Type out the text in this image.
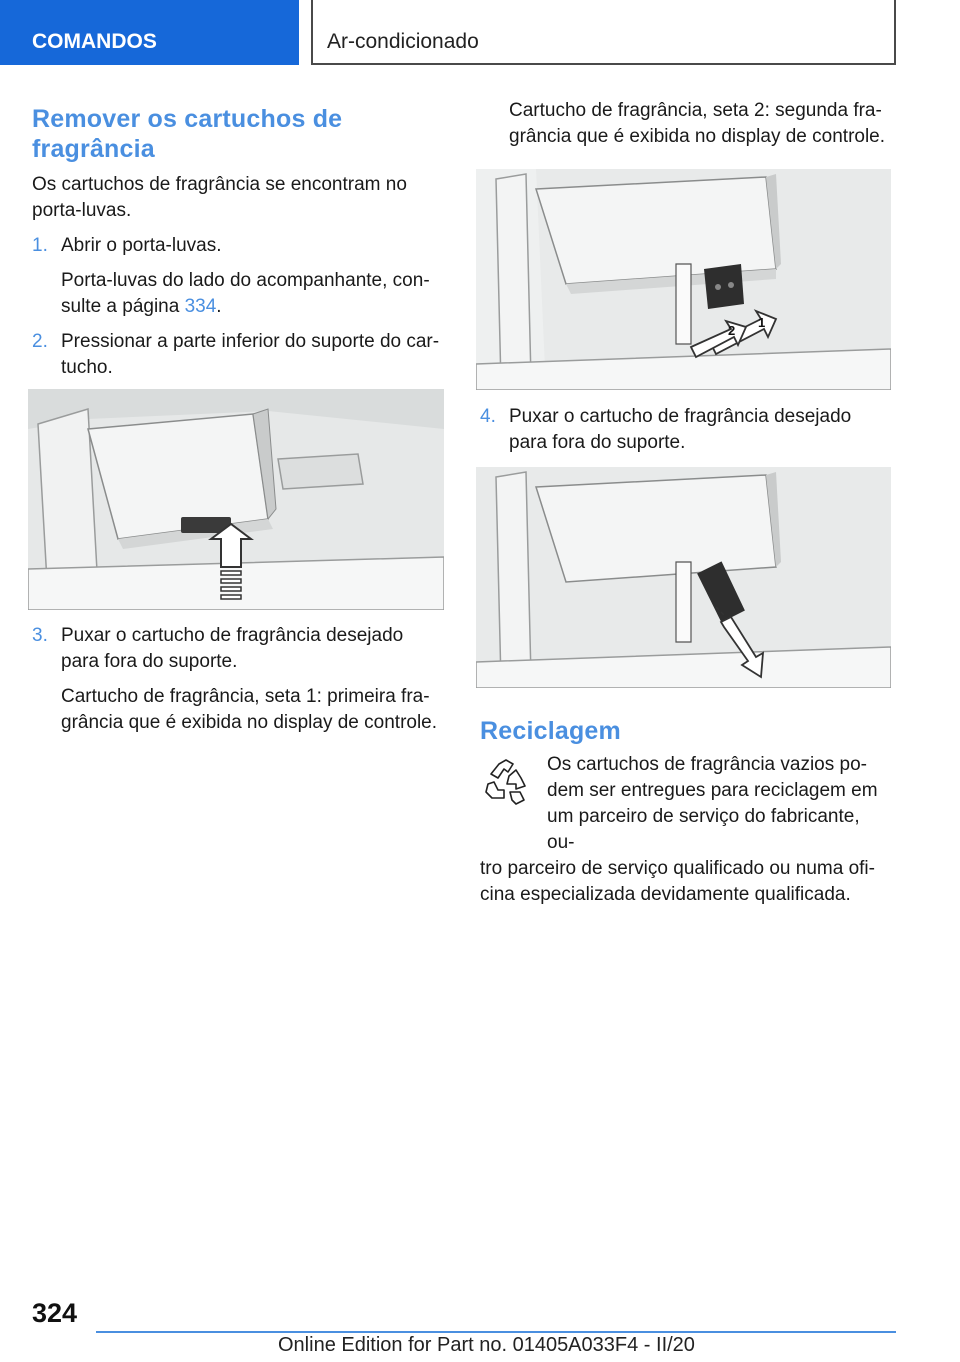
COMANDOS	Ar-condicionado
Remover os cartuchos de fragrância

Os cartuchos de fragrância se encontram no porta-luvas.

1. Abrir o porta-luvas.
Porta-luvas do lado do acompanhante, consulte a página 334.
2. Pressionar a parte inferior do suporte do cartucho.
3. Puxar o cartucho de fragrância desejado para fora do suporte.
Cartucho de fragrância, seta 1: primeira fragrância que é exibida no display de controle.

Cartucho de fragrância, seta 2: segunda fragrância que é exibida no display de controle.

2
1
4. Puxar o cartucho de fragrância desejado para fora do suporte.
Reciclagem
Os cartuchos de fragrância vazios po-
dem ser entregues para reciclagem em
um parceiro de serviço do fabricante, ou-
tro parceiro de serviço qualificado ou numa oficina especializada devidamente qualificada.
324
Online Edition for Part no. 01405A033F4 - II/20
